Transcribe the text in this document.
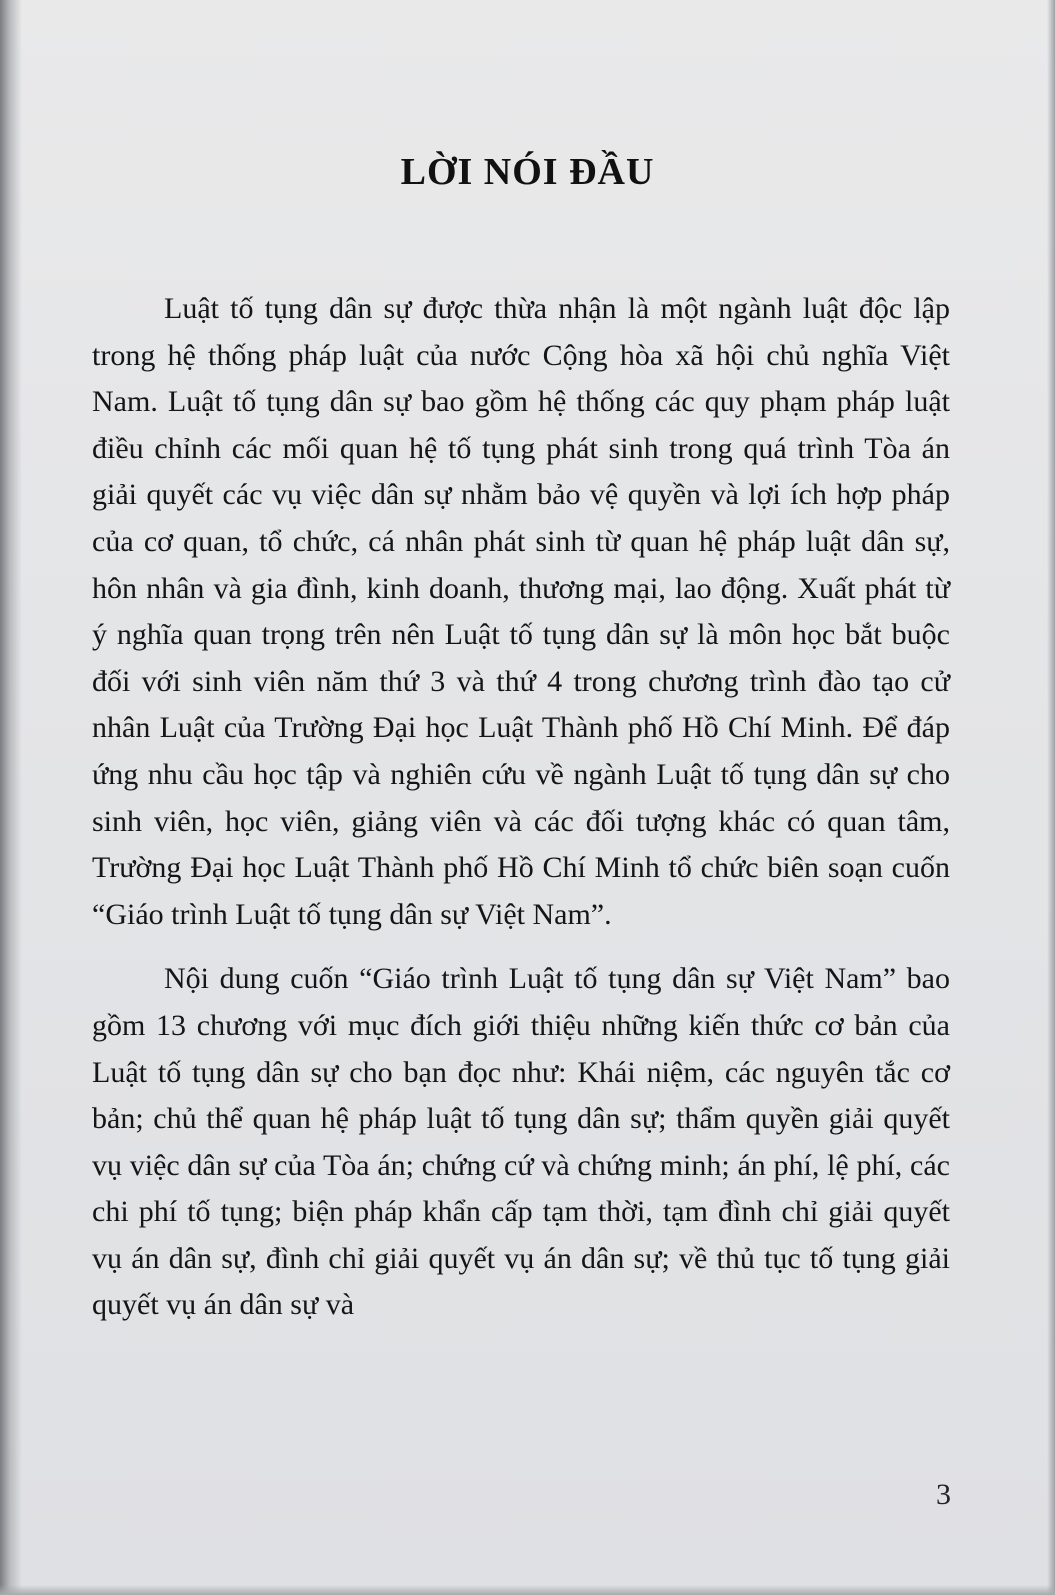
LỜI NÓI ĐẦU

Luật tố tụng dân sự được thừa nhận là một ngành luật độc lập trong hệ thống pháp luật của nước Cộng hòa xã hội chủ nghĩa Việt Nam. Luật tố tụng dân sự bao gồm hệ thống các quy phạm pháp luật điều chỉnh các mối quan hệ tố tụng phát sinh trong quá trình Tòa án giải quyết các vụ việc dân sự nhằm bảo vệ quyền và lợi ích hợp pháp của cơ quan, tổ chức, cá nhân phát sinh từ quan hệ pháp luật dân sự, hôn nhân và gia đình, kinh doanh, thương mại, lao động. Xuất phát từ ý nghĩa quan trọng trên nên Luật tố tụng dân sự là môn học bắt buộc đối với sinh viên năm thứ 3 và thứ 4 trong chương trình đào tạo cử nhân Luật của Trường Đại học Luật Thành phố Hồ Chí Minh. Để đáp ứng nhu cầu học tập và nghiên cứu về ngành Luật tố tụng dân sự cho sinh viên, học viên, giảng viên và các đối tượng khác có quan tâm, Trường Đại học Luật Thành phố Hồ Chí Minh tổ chức biên soạn cuốn “Giáo trình Luật tố tụng dân sự Việt Nam”.

Nội dung cuốn “Giáo trình Luật tố tụng dân sự Việt Nam” bao gồm 13 chương với mục đích giới thiệu những kiến thức cơ bản của Luật tố tụng dân sự cho bạn đọc như: Khái niệm, các nguyên tắc cơ bản; chủ thể quan hệ pháp luật tố tụng dân sự; thẩm quyền giải quyết vụ việc dân sự của Tòa án; chứng cứ và chứng minh; án phí, lệ phí, các chi phí tố tụng; biện pháp khẩn cấp tạm thời, tạm đình chỉ giải quyết vụ án dân sự, đình chỉ giải quyết vụ án dân sự; về thủ tục tố tụng giải quyết vụ án dân sự và

3
